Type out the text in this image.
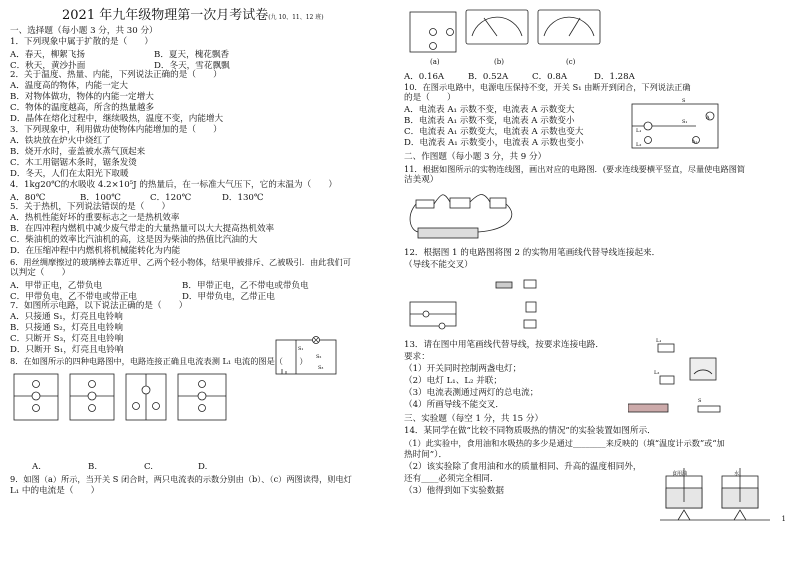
2021 年九年级物理第一次月考试卷(九 10、11、12 班)
一、选择题（每小题 3 分，共 30 分）
1．下列现象中属于扩散的是（　　）
A．春天，柳絮飞扬	B．夏天，槐花飘香
C．秋天，黄沙扑面	D．冬天，雪花飘飘
2．关于温度、热量、内能，下列说法正确的是（　　）
A．温度高的物体，内能一定大
B．对物体做功，物体的内能一定增大
C．物体的温度越高，所含的热量越多
D．晶体在熔化过程中，继续吸热，温度不变，内能增大
3．下列现象中，利用做功使物体内能增加的是（　　）
A．铁块放在炉火中烧红了
B．烧开水时，壶盖被水蒸气顶起来
C．木工用锯锯木条时，锯条发烫
D．冬天，人们在太阳光下取暖
4．1kg20℃的水吸收 4.2×10⁵J 的热量后，在一标准大气压下，它的末温为（　　）
A．80℃	B．100℃	C．120℃	D．130℃
5．关于热机，下列说法错误的是（　　）
A．热机性能好坏的重要标志之一是热机效率
B．在四冲程内燃机中减少废气带走的大量热量可以大大提高热机效率
C．柴油机的效率比汽油机的高，这是因为柴油的热值比汽油的大
D．在压缩冲程中内燃机将机械能转化为内能
6．用丝绸摩擦过的玻璃棒去靠近甲、乙两个轻小物体，结果甲被排斥、乙被吸引．由此我们可
以判定（　　）
A．甲带正电，乙带负电	B．甲带正电，乙不带电或带负电
C．甲带负电，乙不带电或带正电	D．甲带负电，乙带正电
7．如图所示电路，以下说法正确的是（　　）
A．只接通 S₁，灯亮且电铃响
B．只接通 S₂，灯亮且电铃响
C．只断开 S₃，灯亮且电铃响
D．只断开 S₁，灯亮且电铃响	S₁
S₂
S₃
8．在如图所示的四种电路图中，电路连接正确且电流表测 L₁ 电流的图是（　　）
A.	B.	C.	D.
9．如图（a）所示，当开关 S 闭合时，两只电流表的示数分别由（b）、（c）两图读得，则电灯
L₁ 中的电流是（　　）
(a)	(b)	(c)
A．0.16A	B．0.52A	C．0.8A	D．1.28A
10．在图示电路中，电源电压保持不变，开关 S₁ 由断开到闭合，下列说法正确
的是（　　）
A．电流表 A₁ 示数不变，电流表 A 示数变大
B．电流表 A₁ 示数不变，电流表 A 示数变小
C．电流表 A₁ 示数变大，电流表 A 示数也变大
D．电流表 A₁ 示数变小，电流表 A 示数也变小
A
A₁
L₁
L₂
S₁
S
二、作图题（每小题 3 分，共 9 分）
11．根据如图所示的实物连线图，画出对应的电路图．(要求连线要横平竖直，尽量使电路图简
洁美观）
12．根据图 1 的电路图将图 2 的实物用笔画线代替导线连接起来．
（导线不能交叉）
13．请在图中用笔画线代替导线，按要求连接电路．
要求：
（1）开关同时控制两盏电灯；
（2）电灯 L₁、L₂ 并联；
（3）电流表测通过两灯的总电流；
（4）所画导线不能交叉．
L₁
L₂
S
三、实验题（每空 1 分，共 15 分）
14．某同学在做“比较不同物质吸热的情况”的实验装置如图所示．
（1）此实验中，食用油和水吸热的多少是通过________来反映的（填“温度计示数”或“加
热时间”）．
（2）该实验除了食用油和水的质量相同、升高的温度相同外，
还有____必须完全相同．
（3）他得到如下实验数据
食用油	水
1
